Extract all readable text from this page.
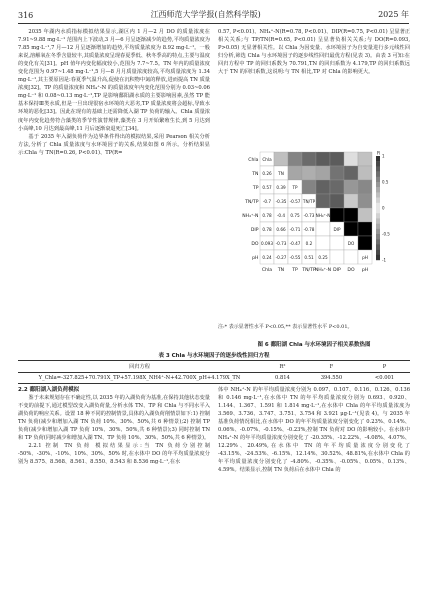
316	江西师范大学学报(自然科学版)	2025 年

2035 年湖内水质指标模拟结果显示,湖区内 1 月—2 月 DO 的质量浓度在 7.91~9.88 mg·L⁻¹ 范围内上下波动,3 月—6 月呈逐渐减少的趋势,平均质量浓度为 7.85 mg·L⁻¹,7 月—12 月呈逐渐增加的趋势,平均质量浓度为 8.92 mg·L⁻¹。一般来说,溶解氧在冬季含量较丰,其质量浓度呈现春夏季低、秋冬季高的特点,主要与温度的变化有关[31]。pH 值年内变化幅度较小,范围为 7.7~7.5。TN 年内的质量浓度变化范围为 0.97~1.48 mg·L⁻¹,5 月—8 月月质量浓度较高,平均质量浓度为 1.34 mg·L⁻¹,其主要原因是:春夏季气温升高,促使在沉积物中氮的释放,进而提高 TN 质量浓度[32]。TP 的质量浓度和 NH₄⁺-N 的质量浓度年内变化范围分别为 0.03~0.06 mg·L⁻¹ 和 0.08~0.13 mg·L⁻¹,TP 是影响鄱阳湖水质的主要影响因素,虽然 TP 能基本保持Ⅲ类水质,但是一旦出现很宿水环境的大恶劣,TP 质量浓度将会超标,导致水环境的恶化[33]。因此在现有的基础上还需降低入湖 TP 负荷的输入。Chla 质量浓度年内变化趋势符合藻类的季节性演替规律,藻类在 3 月开始繁殖生长,到 5 月达到小高峰,10 月达到最高峰,11 月后逐渐衰退死亡[34]。

基于 2035 年入湖负荷作为边界条件得出的模拟结果,采用 Pearson 相关分析方法,分析了 Chla 质量浓度与水环境因子的关系,结果如图 6 所示。分析结果显示:Chla 与 TN(R=0.26, P<0.01)、TP(R=

0.57, P<0.01)、NH₄⁺-N(R=0.78, P<0.01)、DIP(R=0.75, P<0.01) 呈显著正相关关系;与 TP/TN(R=0.65, P<0.01) 呈显著负相关关系;与 DO(R=0.093, P>0.05) 无显著相关性。以 Chla 为因变量、水环境因子为自变量进行多元线性回归分析,筛选 Chla 与水环境因子的逐步线性回归最优方程(见表 3)。由表 3 可知:在回归方程中 TP 的回归系数为 70.791,TN 的回归系数为 4.179,TP 的回归系数远大于 TN 的回归系数,这说明:与 TN 相比,TP 对 Chla 的影响更大。

Chla
Chla
Chla
0.26 TN
TN
TN
0.57 0.39 TP
TP
TP
-0.7 -0.35 -0.57 TN/TP
TN/TP
TN/TP
0.78 -0.4 0.75 -0.73 NH₄⁺-N
NH₄⁺-N
NH₄⁺-N
0.78 0.66 -0.71 -0.78	DIP
DIP
DIP
0.093 -0.73 -0.47 0.2	DO
DO
DO
0.24 -0.27 -0.55 0.51 0.25	pH
pH
pH
1
0.5
0
-0.5
-1
R
注:* 表示显著性水平 P<0.05,** 表示显著性水平 P<0.01。
图 6 鄱阳湖 Chla 与水环境因子相关系数热图
表 3 Chla 与水环境因子的逐步线性回归方程
回归方程	R²	F	P
Y_Chla=-327.825+70.791X_TP+57.198X_NH4⁺-N+42.700X_pH+4.179X_TN	0.814	394.550	<0.001

2.2 鄱阳湖入湖负荷模拟

鉴于未来规划存在不确定性,以 2035 年的入湖负荷为基准,在保持其他状态变量不变的前提下,通过模型改变入湖负荷量,分析水体 TN、TP 和 Chla 与不同水平入湖负荷的响应关系。设置 18 种不同的控制情景,具体的入湖负荷削情景如下:1) 控制 TN 负荷(减少和增加入湖 TN 负荷 10%、30%、50%,共 6 种情景);2) 控制 TP 负荷(减少和增加入湖 TP 负荷 10%、30%、50%,共 6 种情景);3) 同时控制 TN 和 TP 负荷(同时减少和增加入湖 TN、TP 负荷 10%、30%、50%,共 6 种情景)。

2.2.1 控制 TN 负荷 模拟结果显示:当 TN 负荷分别控制 -50%、-30%、-10%、10%、30%、50% 时,在水体中 DO 的年平均质量浓度分别为 8.575、8.568、8.561、8.550、8.543 和 8.536 mg·L⁻¹,在水

体中 NH₄⁺-N 的年平均质量浓度分别为 0.097、0.107、0.116、0.126、0.136 和 0.146 mg·L⁻¹,在水体中 TN 的年平均质量浓度分别为 0.693、0.920、1.144、1.367、1.591 和 1.814 mg·L⁻¹,在水体中 Chla 的年平均质量浓度为 3.569、3.736、3.747、3.751、3.754 和 3.921 μg·L⁻¹(见表 4)。与 2035 年基准负荷情况相比,在水体中 DO 的年平均质量浓度分别变化了 0.23%、0.14%、0.06%、-0.07%、-0.15%、-0.23%,控制 TN 负荷对 DO 的影响较小。在水体中 NH₄⁺-N 的年平均质量浓度分别变化了 -20.35%、-12.22%、-4.08%、4.07%、12.29%、20.49%,在水体中 TN 的年平均质量浓度分别变化了 -43.15%、-24.53%、-6.15%、12.14%、30.52%、48.81%,在水体中 Chla 的年平均质量浓度分别变化了 -4.80%、-0.35%、-0.05%、0.05%、0.13%、4.59%。结果显示,控制 TN 负荷后在水体中 Chla 的
